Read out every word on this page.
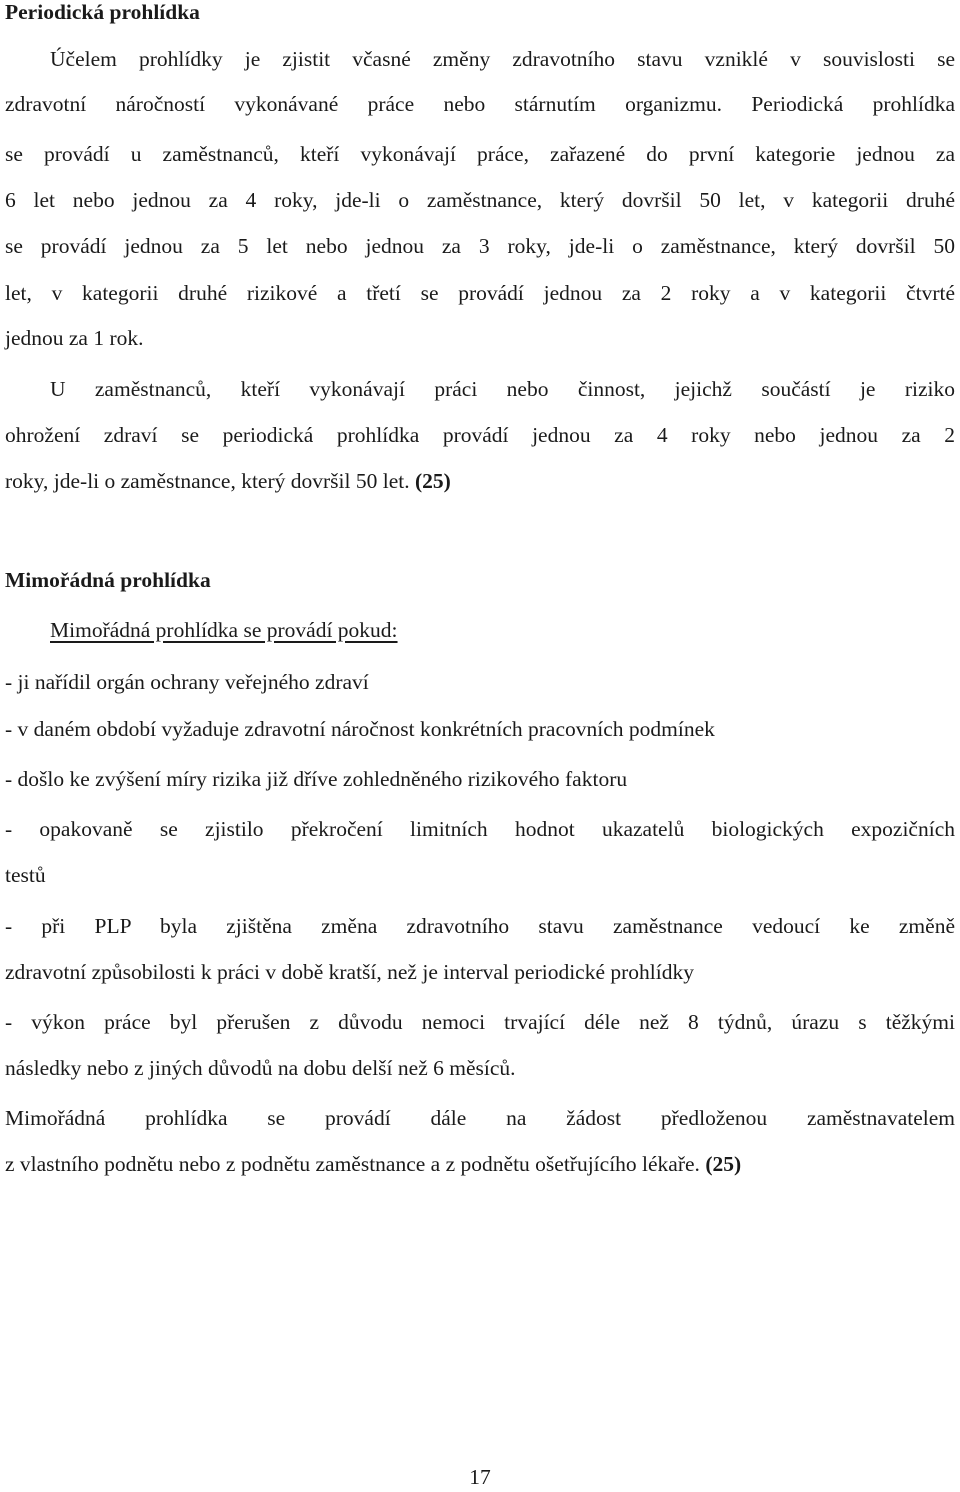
Periodická prohlídka
Účelem prohlídky je zjistit včasné změny zdravotního stavu vzniklé v souvislosti se
zdravotní náročností vykonávané práce nebo stárnutím organizmu. Periodická prohlídka
se provádí u zaměstnanců, kteří vykonávají práce, zařazené do první kategorie jednou za
6 let nebo jednou za 4 roky, jde-li o zaměstnance, který dovršil 50 let, v kategorii druhé
se provádí jednou za 5 let nebo jednou za 3 roky, jde-li o zaměstnance, který dovršil 50
let, v kategorii druhé rizikové a třetí se provádí jednou za 2 roky a v kategorii čtvrté
jednou za 1 rok.
U zaměstnanců, kteří vykonávají práci nebo činnost, jejichž součástí je riziko
ohrožení zdraví se periodická prohlídka provádí jednou za 4 roky nebo jednou za 2
roky, jde-li o zaměstnance, který dovršil 50 let. (25)
Mimořádná prohlídka
Mimořádná prohlídka se provádí pokud:
- ji nařídil orgán ochrany veřejného zdraví
- v daném období vyžaduje zdravotní náročnost konkrétních pracovních podmínek
- došlo ke zvýšení míry rizika již dříve zohledněného rizikového faktoru
- opakovaně se zjistilo překročení limitních hodnot ukazatelů biologických expozičních
testů
- při PLP byla zjištěna změna zdravotního stavu zaměstnance vedoucí ke změně
zdravotní způsobilosti k práci v době kratší, než je interval periodické prohlídky
- výkon práce byl přerušen z důvodu nemoci trvající déle než 8 týdnů, úrazu s těžkými
následky nebo z jiných důvodů na dobu delší než 6 měsíců.
Mimořádná prohlídka se provádí dále na žádost předloženou zaměstnavatelem
z vlastního podnětu nebo z podnětu zaměstnance a z podnětu ošetřujícího lékaře. (25)
17
